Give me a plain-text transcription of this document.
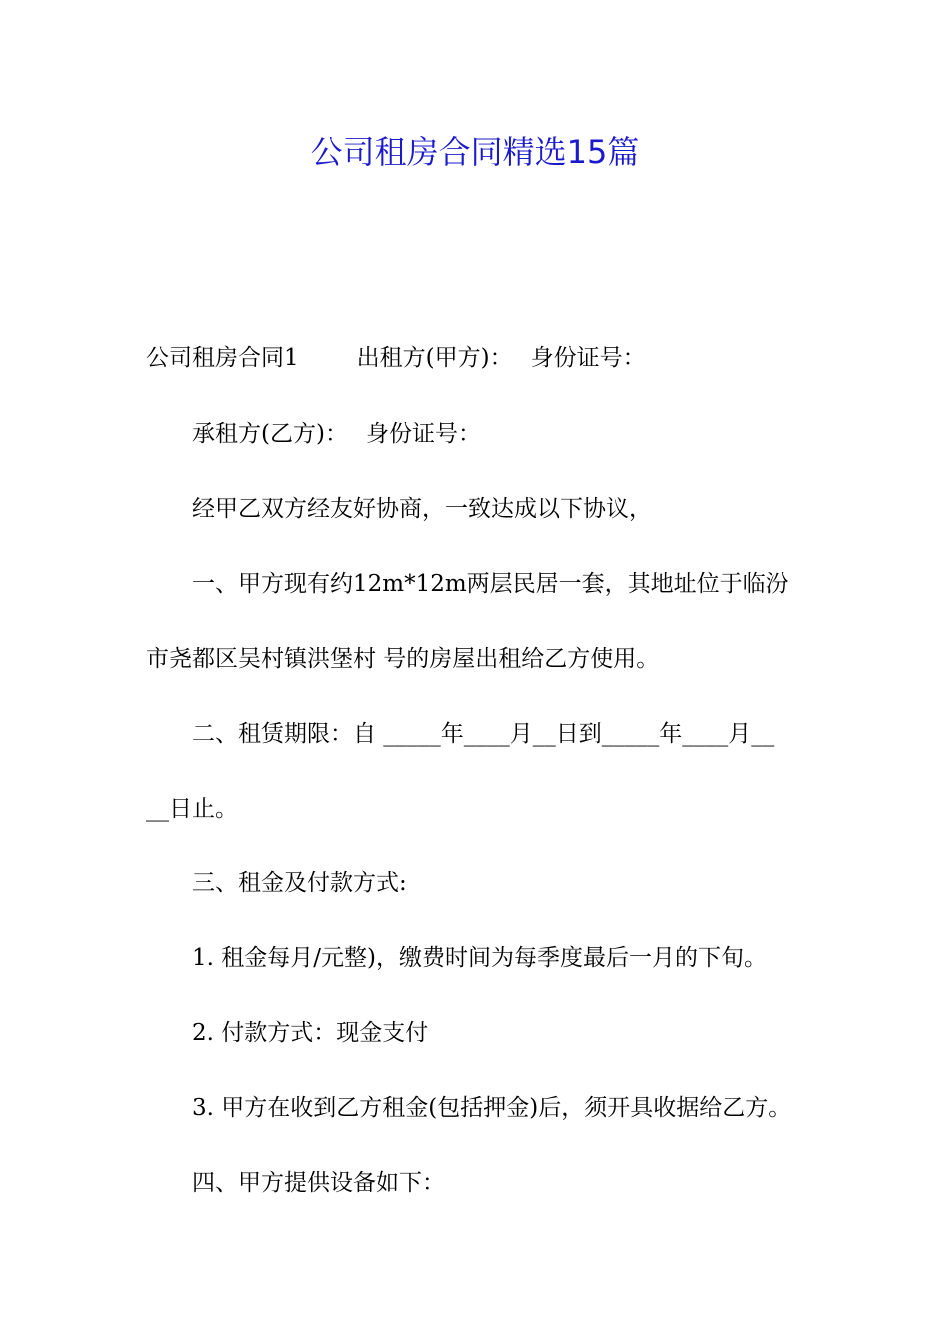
公司租房合同精选15篇
公司租房合同1	出租方(甲方)： 身份证号：
承租方(乙方)： 身份证号：
经甲乙双方经友好协商，一致达成以下协议，
一、甲方现有约12m*12m两层民居一套，其地址位于临汾
市尧都区吴村镇洪堡村 号的房屋出租给乙方使用。
二、租赁期限：自 _____年____月__日到_____年____月__
__日止。
三、租金及付款方式:
1. 租金每月/元整)，缴费时间为每季度最后一月的下旬。
2. 付款方式：现金支付
3. 甲方在收到乙方租金(包括押金)后，须开具收据给乙方。
四、甲方提供设备如下：
